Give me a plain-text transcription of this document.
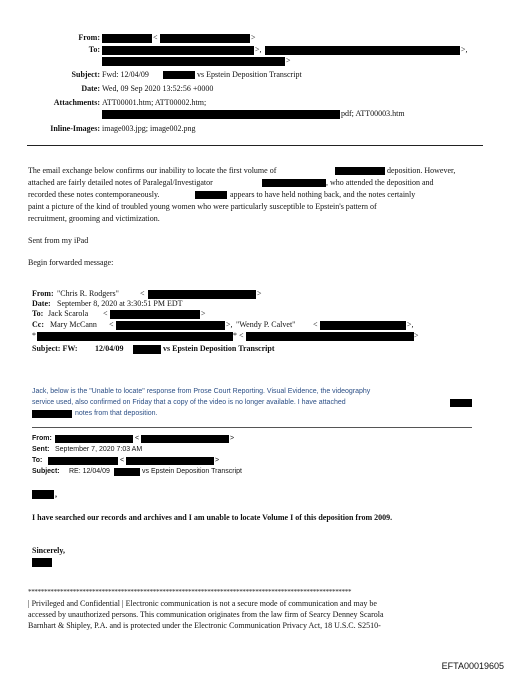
From:	<	>
To:	>,	>,
>
Subject: Fwd: 12/04/09	vs Epstein Deposition Transcript
Date: Wed, 09 Sep 2020 13:52:56 +0000
Attachments: ATT00001.htm; ATT00002.htm;
pdf; ATT00003.htm
Inline-Images: image003.jpg; image002.png
The email exchange below confirms our inability to locate the first volume of	deposition. However,
attached are fairly detailed notes of Paralegal/Investigator	, who attended the deposition and
recorded these notes contemporaneously.	appears to have held nothing back, and the notes certainly
paint a picture of the kind of troubled young women who were particularly susceptible to Epstein's pattern of
recruitment, grooming and victimization.
Sent from my iPad
Begin forwarded message:
From: "Chris R. Rodgers"	<	>
Date: September 8, 2020 at 3:30:51 PM EDT
To: Jack Scarola <	>
Cc: Mary McCann <	>, "Wendy P. Calvet" <	>,
*	* <	>
Subject: FW: 12/04/09	vs Epstein Deposition Transcript
Jack, below is the "Unable to locate" response from Prose Court Reporting. Visual Evidence, the videography
service used, also confirmed on Friday that a copy of the video is no longer available. I have attached
notes from that deposition.
From:	<	>
Sent: September 7, 2020 7:03 AM
To:	<	>
Subject: RE: 12/04/09	vs Epstein Deposition Transcript
,
I have searched our records and archives and I am unable to locate Volume I of this deposition from 2009.
Sincerely,
*****************************************************************************************************
| Privileged and Confidential | Electronic communication is not a secure mode of communication and may be
accessed by unauthorized persons. This communication originates from the law firm of Searcy Denney Scarola
Barnhart & Shipley, P.A. and is protected under the Electronic Communication Privacy Act, 18 U.S.C. S2510-
EFTA00019605
